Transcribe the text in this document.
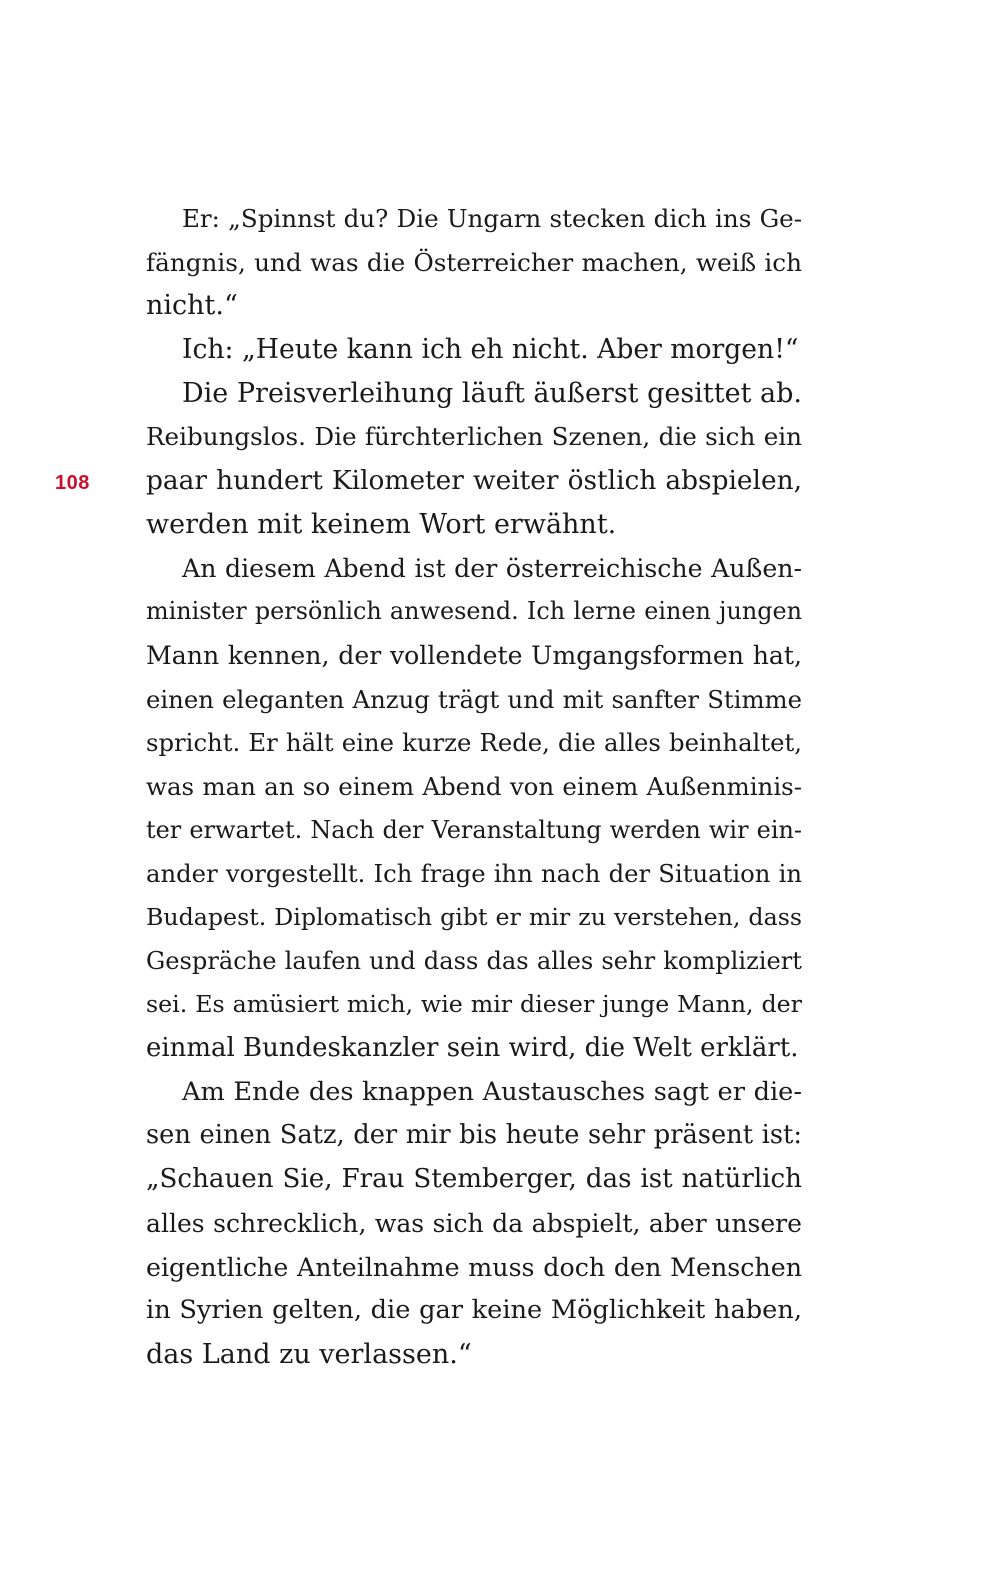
108
Er: „Spinnst du? Die Ungarn stecken dich ins Ge-
fängnis, und was die Österreicher machen, weiß ich
nicht.“
Ich: „Heute kann ich eh nicht. Aber morgen!“
Die Preisverleihung läuft äußerst gesittet ab.
Reibungslos. Die fürchterlichen Szenen, die sich ein
paar hundert Kilometer weiter östlich abspielen,
werden mit keinem Wort erwähnt.
An diesem Abend ist der österreichische Außen-
minister persönlich anwesend. Ich lerne einen jungen
Mann kennen, der vollendete Umgangsformen hat,
einen eleganten Anzug trägt und mit sanfter Stimme
spricht. Er hält eine kurze Rede, die alles beinhaltet,
was man an so einem Abend von einem Außenminis-
ter erwartet. Nach der Veranstaltung werden wir ein-
ander vorgestellt. Ich frage ihn nach der Situation in
Budapest. Diplomatisch gibt er mir zu verstehen, dass
Gespräche laufen und dass das alles sehr kompliziert
sei. Es amüsiert mich, wie mir dieser junge Mann, der
einmal Bundeskanzler sein wird, die Welt erklärt.
Am Ende des knappen Austausches sagt er die-
sen einen Satz, der mir bis heute sehr präsent ist:
„Schauen Sie, Frau Stemberger, das ist natürlich
alles schrecklich, was sich da abspielt, aber unsere
eigentliche Anteilnahme muss doch den Menschen
in Syrien gelten, die gar keine Möglichkeit haben,
das Land zu verlassen.“
